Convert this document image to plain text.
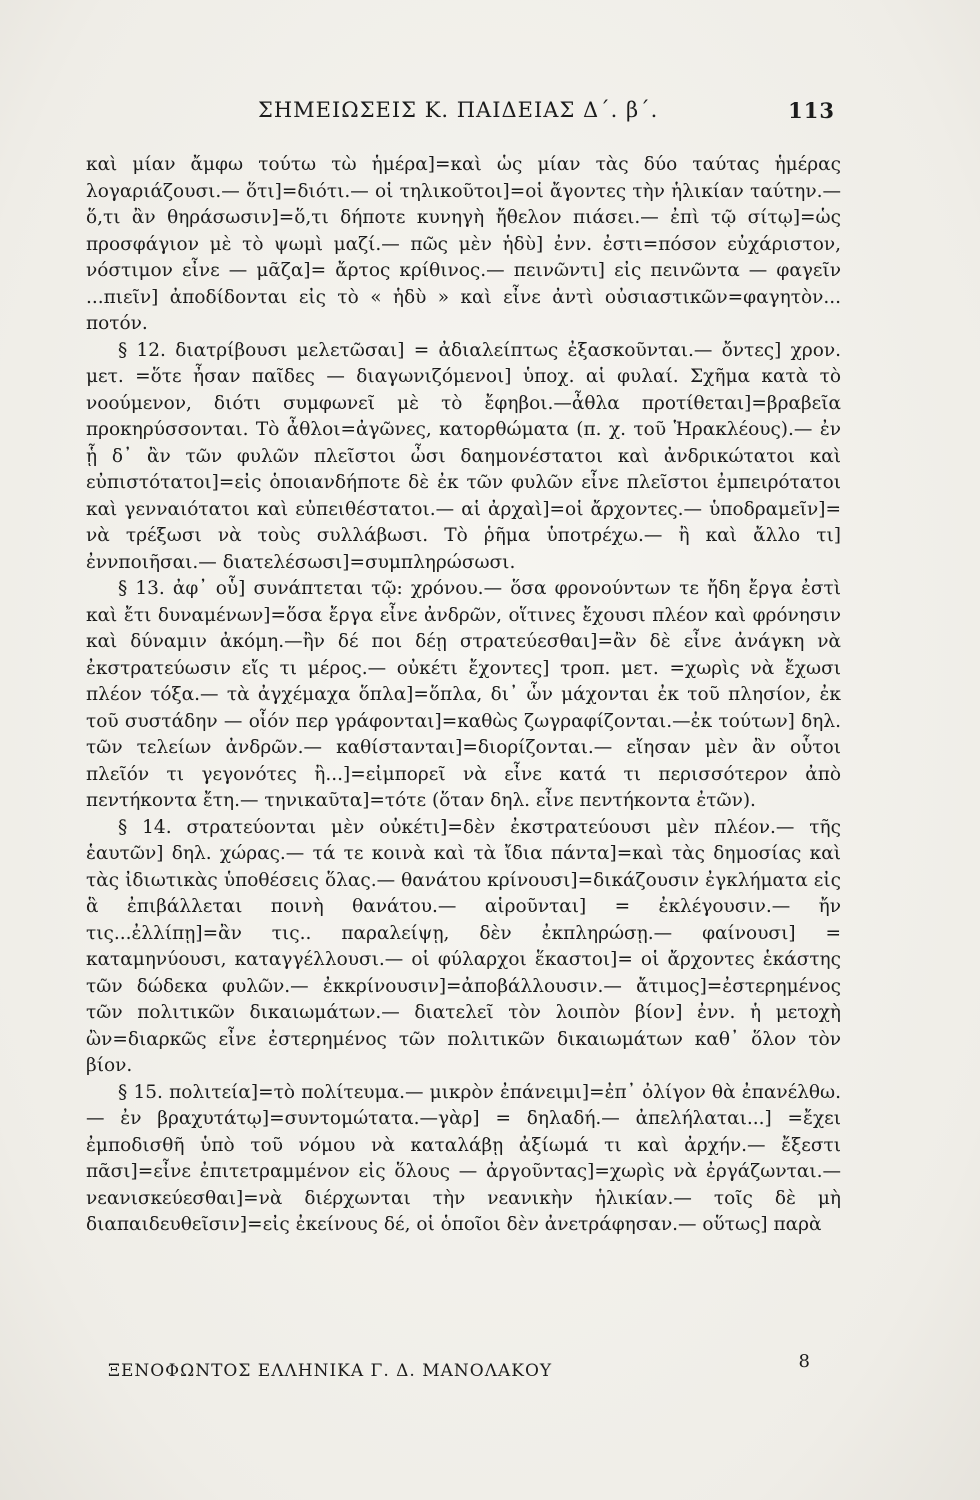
ΣΗΜΕΙΩΣΕΙΣ Κ. ΠΑΙΔΕΙΑΣ Δ΄. β΄.	113

καὶ μίαν ἄμφω τούτω τὼ ἡμέρα]=καὶ ὡς μίαν τὰς δύο ταύτας ἡμέρας λογαριάζουσι.— ὅτι]=διότι.— οἱ τηλικοῦτοι]=οἱ ἄγοντες τὴν ἡλικίαν ταύτην.— ὅ,τι ἂν θηράσωσιν]=ὅ,τι δήποτε κυνηγὴ ἤθελον πιάσει.— ἐπὶ τῷ σίτῳ]=ὡς προσφάγιον μὲ τὸ ψωμὶ μαζί.— πῶς μὲν ἡδὺ] ἐνν. ἐστι=πόσον εὐχάριστον, νόστιμον εἶνε — μᾶζα]= ἄρτος κρίθινος.— πεινῶντι] εἰς πεινῶντα — φαγεῖν ...πιεῖν] ἀποδίδονται εἰς τὸ « ἡδὺ » καὶ εἶνε ἀντὶ οὐσιαστικῶν=φαγητὸν... ποτόν.

§ 12. διατρίβουσι μελετῶσαι] = ἀδιαλείπτως ἐξασκοῦνται.— ὄντες] χρον. μετ. =ὅτε ἦσαν παῖδες — διαγωνιζόμενοι] ὑποχ. αἱ φυλαί. Σχῆμα κατὰ τὸ νοούμενον, διότι συμφωνεῖ μὲ τὸ ἔφηβοι.—ἆθλα προτίθεται]=βραβεῖα προκηρύσσονται. Τὸ ἆθλοι=ἀγῶνες, κατορθώματα (π. χ. τοῦ Ἡρακλέους).— ἐν ᾗ δ᾽ ἂν τῶν φυλῶν πλεῖστοι ὦσι δαημονέστατοι καὶ ἀνδρικώτατοι καὶ εὐπιστότατοι]=εἰς ὁποιανδήποτε δὲ ἐκ τῶν φυλῶν εἶνε πλεῖστοι ἐμπειρότατοι καὶ γενναιότατοι καὶ εὐπειθέστατοι.— αἱ ἀρχαὶ]=οἱ ἄρχοντες.— ὑποδραμεῖν]= νὰ τρέξωσι νὰ τοὺς συλλάβωσι. Τὸ ῥῆμα ὑποτρέχω.— ἢ καὶ ἄλλο τι] ἐννποιῆσαι.— διατελέσωσι]=συμπληρώσωσι.

§ 13. ἀφ᾽ οὗ] συνάπτεται τῷ: χρόνου.— ὅσα φρονούντων τε ἤδη ἔργα ἐστὶ καὶ ἔτι δυναμένων]=ὅσα ἔργα εἶνε ἀνδρῶν, οἵτινες ἔχουσι πλέον καὶ φρόνησιν καὶ δύναμιν ἀκόμη.—ἢν δέ ποι δέῃ στρατεύεσθαι]=ἂν δὲ εἶνε ἀνάγκη νὰ ἐκστρατεύωσιν εἴς τι μέρος.— οὐκέτι ἔχοντες] τροπ. μετ. =χωρὶς νὰ ἔχωσι πλέον τόξα.— τὰ ἀγχέμαχα ὅπλα]=ὅπλα, δι᾽ ὧν μάχονται ἐκ τοῦ πλησίον, ἐκ τοῦ συστάδην — οἷόν περ γράφονται]=καθὼς ζωγραφίζονται.—ἐκ τούτων] δηλ. τῶν τελείων ἀνδρῶν.— καθίστανται]=διορίζονται.— εἴησαν μὲν ἂν οὗτοι πλεῖόν τι γεγονότες ἢ...]=εἰμπορεῖ νὰ εἶνε κατά τι περισσότερον ἀπὸ πεντήκοντα ἔτη.— τηνικαῦτα]=τότε (ὅταν δηλ. εἶνε πεντήκοντα ἐτῶν).

§ 14. στρατεύονται μὲν οὐκέτι]=δὲν ἐκστρατεύουσι μὲν πλέον.— τῆς ἑαυτῶν] δηλ. χώρας.— τά τε κοινὰ καὶ τὰ ἴδια πάντα]=καὶ τὰς δημοσίας καὶ τὰς ἰδιωτικὰς ὑποθέσεις ὅλας.— θανάτου κρίνουσι]=δικάζουσιν ἐγκλήματα εἰς ἃ ἐπιβάλλεται ποινὴ θανάτου.— αἱροῦνται] = ἐκλέγουσιν.— ἤν τις...ἐλλίπῃ]=ἂν τις.. παραλείψῃ, δὲν ἐκπληρώσῃ.— φαίνουσι] = καταμηνύουσι, καταγγέλλουσι.— οἱ φύλαρχοι ἕκαστοι]= οἱ ἄρχοντες ἑκάστης τῶν δώδεκα φυλῶν.— ἐκκρίνουσιν]=ἀποβάλλουσιν.— ἄτιμος]=ἐστερημένος τῶν πολιτικῶν δικαιωμάτων.— διατελεῖ τὸν λοιπὸν βίον] ἐνν. ἡ μετοχὴ ὢν=διαρκῶς εἶνε ἐστερημένος τῶν πολιτικῶν δικαιωμάτων καθ᾽ ὅλον τὸν βίον.

§ 15. πολιτεία]=τὸ πολίτευμα.— μικρὸν ἐπάνειμι]=ἐπ᾽ ὀλίγον θὰ ἐπανέλθω.— ἐν βραχυτάτῳ]=συντομώτατα.—γὰρ] = δηλαδή.— ἀπελήλαται...] =ἔχει ἐμποδισθῆ ὑπὸ τοῦ νόμου νὰ καταλάβῃ ἀξίωμά τι καὶ ἀρχήν.— ἔξεστι πᾶσι]=εἶνε ἐπιτετραμμένον εἰς ὅλους — ἀργοῦντας]=χωρὶς νὰ ἐργάζωνται.— νεανισκεύεσθαι]=νὰ διέρχωνται τὴν νεανικὴν ἡλικίαν.— τοῖς δὲ μὴ διαπαιδευθεῖσιν]=εἰς ἐκείνους δέ, οἱ ὁποῖοι δὲν ἀνετράφησαν.— οὕτως] παρὰ

ΞΕΝΟΦΩΝΤΟΣ ΕΛΛΗΝΙΚΑ Γ. Δ. ΜΑΝΟΛΑΚΟΥ	8
